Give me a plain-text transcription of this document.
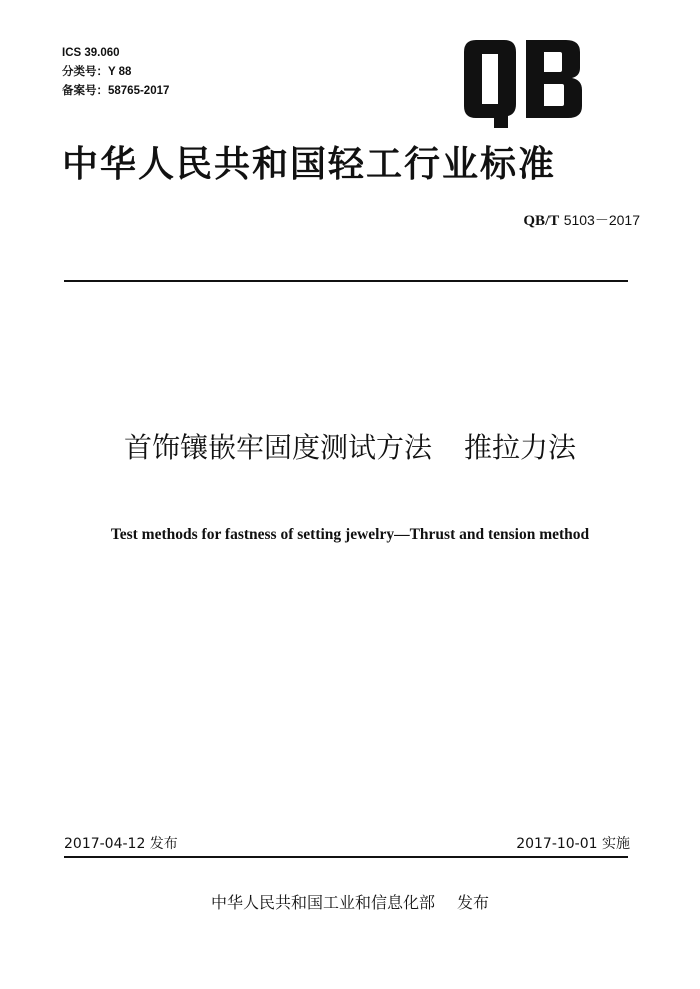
ICS 39.060
分类号：Y 88
备案号：58765-2017
中华人民共和国轻工行业标准
QB/T 5103－2017
首饰镶嵌牢固度测试方法 推拉力法
Test methods for fastness of setting jewelry—Thrust and tension method
2017-04-12 发布	2017-10-01 实施
中华人民共和国工业和信息化部 发布
